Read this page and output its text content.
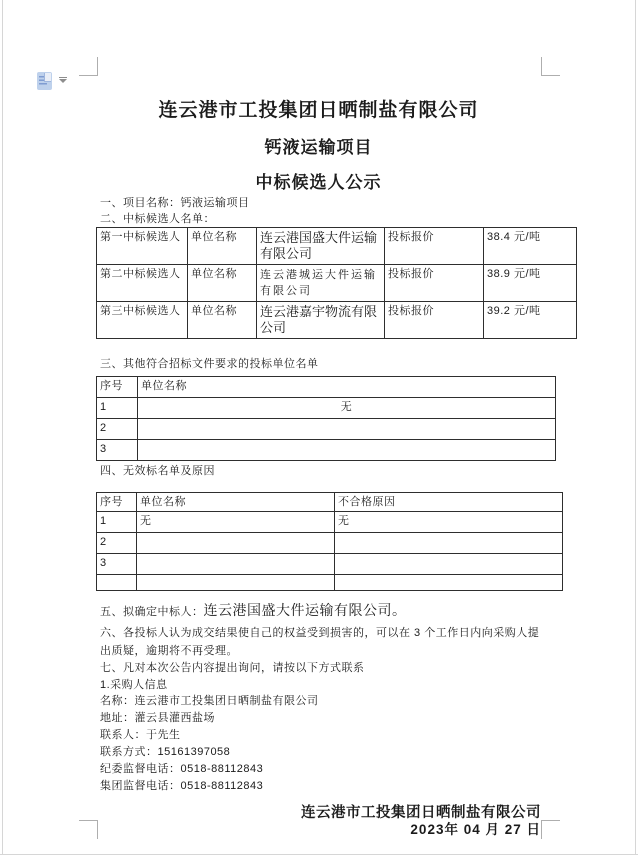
连云港市工投集团日晒制盐有限公司
钙液运输项目
中标候选人公示

一、项目名称：钙液运输项目

二、中标候选人名单：

第一中标候选人	单位名称	连云港国盛大件运输有限公司	投标报价	38.4 元/吨
第二中标候选人	单位名称	连云港城运大件运输有限公司	投标报价	38.9 元/吨
第三中标候选人	单位名称	连云港嘉宇物流有限公司	投标报价	39.2 元/吨

三、其他符合招标文件要求的投标单位名单

序号	单位名称
1	无
2	
3	

四、无效标名单及原因

序号	单位名称	不合格原因
1	无	无
2		
3		

五、拟确定中标人：连云港国盛大件运输有限公司。

六、各投标人认为成交结果使自己的权益受到损害的，可以在 3 个工作日内向采购人提出质疑，逾期将不再受理。

七、凡对本次公告内容提出询问，请按以下方式联系

1.采购人信息

名称：连云港市工投集团日晒制盐有限公司

地址：灌云县灌西盐场

联系人：于先生

联系方式：15161397058

纪委监督电话：0518-88112843

集团监督电话：0518-88112843

连云港市工投集团日晒制盐有限公司
2023年 04 月 27 日
